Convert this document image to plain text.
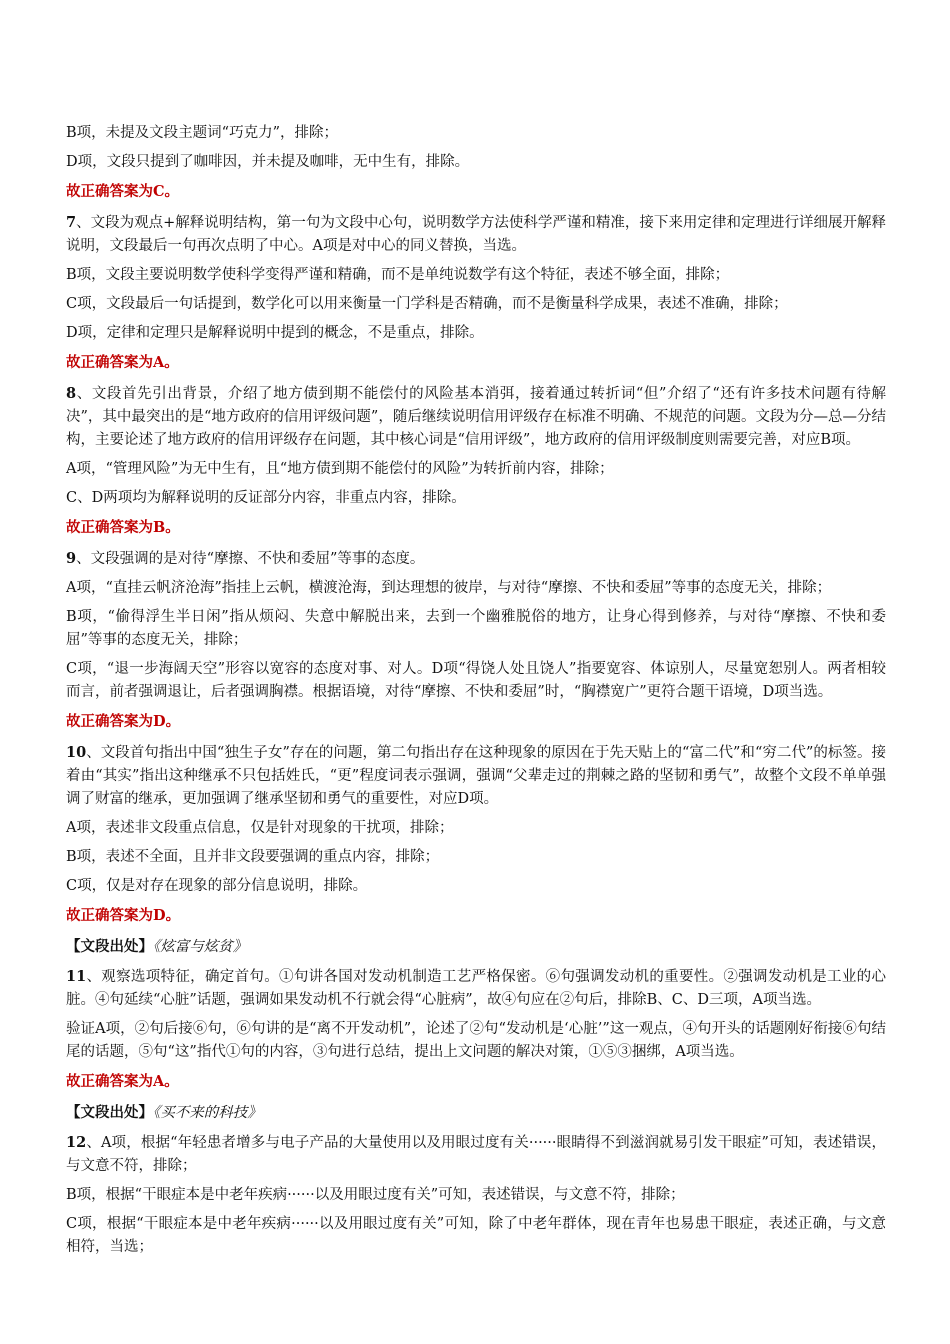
B项，未提及文段主题词“巧克力”，排除；

D项，文段只提到了咖啡因，并未提及咖啡，无中生有，排除。

故正确答案为C。

7、文段为观点+解释说明结构，第一句为文段中心句，说明数学方法使科学严谨和精准，接下来用定律和定理进行详细展开解释说明，文段最后一句再次点明了中心。A项是对中心的同义替换，当选。

B项，文段主要说明数学使科学变得严谨和精确，而不是单纯说数学有这个特征，表述不够全面，排除；

C项，文段最后一句话提到，数学化可以用来衡量一门学科是否精确，而不是衡量科学成果，表述不准确，排除；

D项，定律和定理只是解释说明中提到的概念，不是重点，排除。

故正确答案为A。

8、文段首先引出背景，介绍了地方债到期不能偿付的风险基本消弭，接着通过转折词“但”介绍了“还有许多技术问题有待解决”，其中最突出的是“地方政府的信用评级问题”，随后继续说明信用评级存在标准不明确、不规范的问题。文段为分—总—分结构，主要论述了地方政府的信用评级存在问题，其中核心词是“信用评级”，地方政府的信用评级制度则需要完善，对应B项。

A项，“管理风险”为无中生有，且“地方债到期不能偿付的风险”为转折前内容，排除；

C、D两项均为解释说明的反证部分内容，非重点内容，排除。

故正确答案为B。

9、文段强调的是对待“摩擦、不快和委屈”等事的态度。

A项，“直挂云帆济沧海”指挂上云帆，横渡沧海，到达理想的彼岸，与对待“摩擦、不快和委屈”等事的态度无关，排除；

B项，“偷得浮生半日闲”指从烦闷、失意中解脱出来，去到一个幽雅脱俗的地方，让身心得到修养，与对待“摩擦、不快和委屈”等事的态度无关，排除；

C项，“退一步海阔天空”形容以宽容的态度对事、对人。D项“得饶人处且饶人”指要宽容、体谅别人，尽量宽恕别人。两者相较而言，前者强调退让，后者强调胸襟。根据语境，对待“摩擦、不快和委屈”时，“胸襟宽广”更符合题干语境，D项当选。

故正确答案为D。

10、文段首句指出中国“独生子女”存在的问题，第二句指出存在这种现象的原因在于先天贴上的“富二代”和“穷二代”的标签。接着由“其实”指出这种继承不只包括姓氏，“更”程度词表示强调，强调“父辈走过的荆棘之路的坚韧和勇气”，故整个文段不单单强调了财富的继承，更加强调了继承坚韧和勇气的重要性，对应D项。

A项，表述非文段重点信息，仅是针对现象的干扰项，排除；

B项，表述不全面，且并非文段要强调的重点内容，排除；

C项，仅是对存在现象的部分信息说明，排除。

故正确答案为D。

【文段出处】《炫富与炫贫》

11、观察选项特征，确定首句。①句讲各国对发动机制造工艺严格保密。⑥句强调发动机的重要性。②强调发动机是工业的心脏。④句延续“心脏”话题，强调如果发动机不行就会得“心脏病”，故④句应在②句后，排除B、C、D三项，A项当选。

验证A项，②句后接⑥句，⑥句讲的是“离不开发动机”，论述了②句“发动机是‘心脏’”这一观点，④句开头的话题刚好衔接⑥句结尾的话题，⑤句“这”指代①句的内容，③句进行总结，提出上文问题的解决对策，①⑤③捆绑，A项当选。

故正确答案为A。

【文段出处】《买不来的科技》

12、A项，根据“年轻患者增多与电子产品的大量使用以及用眼过度有关······眼睛得不到滋润就易引发干眼症”可知，表述错误，与文意不符，排除；

B项，根据“干眼症本是中老年疾病······以及用眼过度有关”可知，表述错误，与文意不符，排除；

C项，根据“干眼症本是中老年疾病······以及用眼过度有关”可知，除了中老年群体，现在青年也易患干眼症，表述正确，与文意相符，当选；
